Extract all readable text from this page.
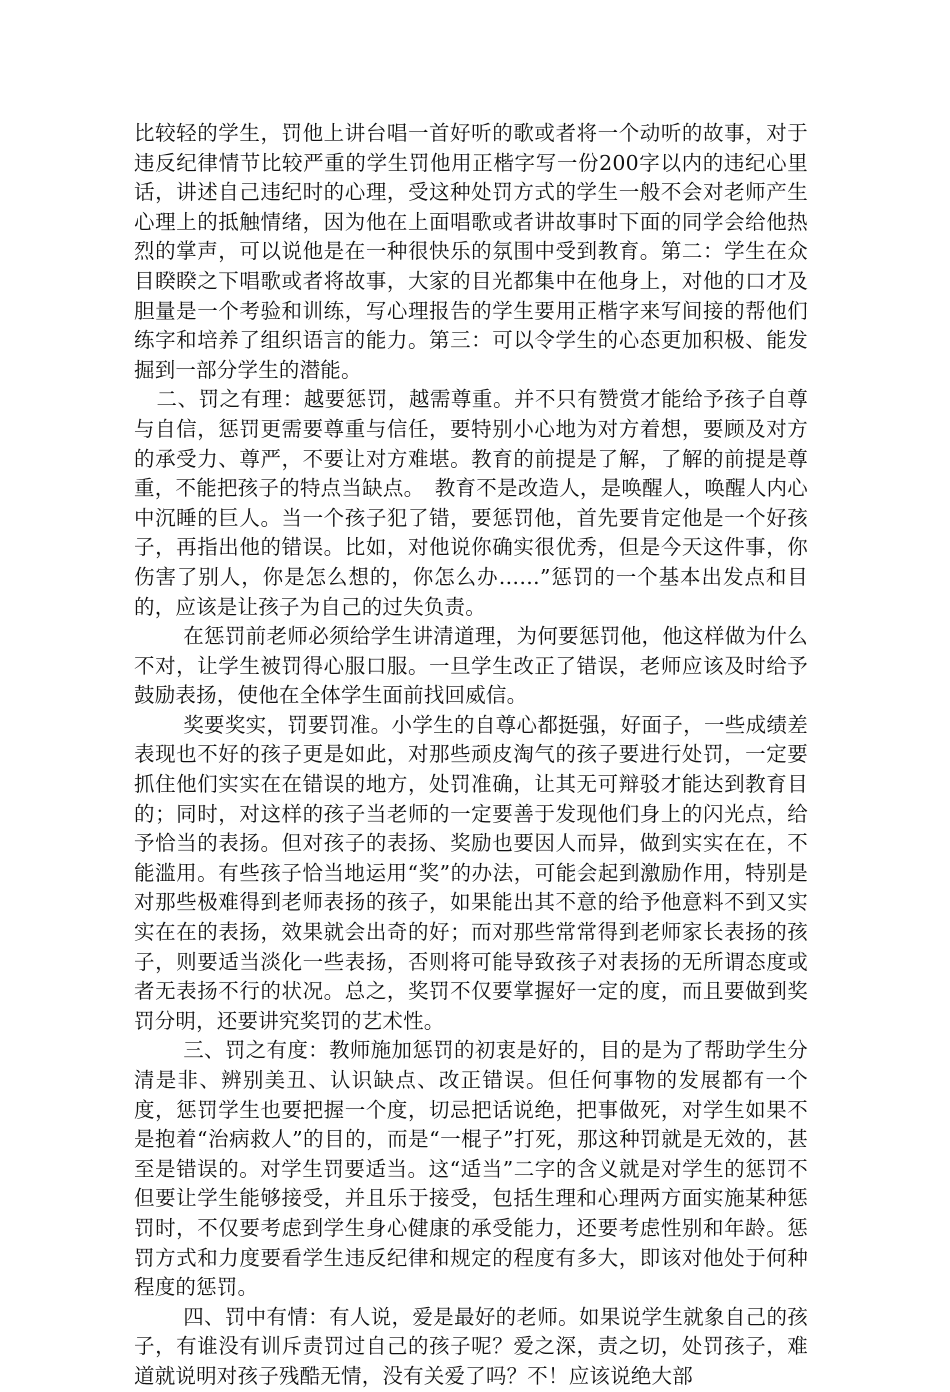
比较轻的学生，罚他上讲台唱一首好听的歌或者将一个动听的故事，对于违反纪律情节比较严重的学生罚他用正楷字写一份200字以内的违纪心里话，讲述自己违纪时的心理，受这种处罚方式的学生一般不会对老师产生心理上的抵触情绪，因为他在上面唱歌或者讲故事时下面的同学会给他热烈的掌声，可以说他是在一种很快乐的氛围中受到教育。第二：学生在众目睽睽之下唱歌或者将故事，大家的目光都集中在他身上，对他的口才及胆量是一个考验和训练，写心理报告的学生要用正楷字来写间接的帮他们练字和培养了组织语言的能力。第三：可以令学生的心态更加积极、能发掘到一部分学生的潜能。

二、罚之有理：越要惩罚，越需尊重。并不只有赞赏才能给予孩子自尊与自信，惩罚更需要尊重与信任，要特别小心地为对方着想，要顾及对方的承受力、尊严，不要让对方难堪。教育的前提是了解，了解的前提是尊重，不能把孩子的特点当缺点。　教育不是改造人，是唤醒人，唤醒人内心中沉睡的巨人。当一个孩子犯了错，要惩罚他，首先要肯定他是一个好孩子，再指出他的错误。比如，对他说你确实很优秀，但是今天这件事，你伤害了别人，你是怎么想的，你怎么办……”惩罚的一个基本出发点和目的，应该是让孩子为自己的过失负责。

在惩罚前老师必须给学生讲清道理，为何要惩罚他，他这样做为什么不对，让学生被罚得心服口服。一旦学生改正了错误，老师应该及时给予鼓励表扬，使他在全体学生面前找回威信。

奖要奖实，罚要罚准。小学生的自尊心都挺强，好面子，一些成绩差表现也不好的孩子更是如此，对那些顽皮淘气的孩子要进行处罚，一定要抓住他们实实在在错误的地方，处罚准确，让其无可辩驳才能达到教育目的；同时，对这样的孩子当老师的一定要善于发现他们身上的闪光点，给予恰当的表扬。但对孩子的表扬、奖励也要因人而异，做到实实在在，不能滥用。有些孩子恰当地运用“奖”的办法，可能会起到激励作用，特别是对那些极难得到老师表扬的孩子，如果能出其不意的给予他意料不到又实实在在的表扬，效果就会出奇的好；而对那些常常得到老师家长表扬的孩子，则要适当淡化一些表扬，否则将可能导致孩子对表扬的无所谓态度或者无表扬不行的状况。总之，奖罚不仅要掌握好一定的度，而且要做到奖罚分明，还要讲究奖罚的艺术性。

三、罚之有度：教师施加惩罚的初衷是好的，目的是为了帮助学生分清是非、辨别美丑、认识缺点、改正错误。但任何事物的发展都有一个度，惩罚学生也要把握一个度，切忌把话说绝，把事做死，对学生如果不是抱着“治病救人”的目的，而是“一棍子”打死，那这种罚就是无效的，甚至是错误的。对学生罚要适当。这“适当”二字的含义就是对学生的惩罚不但要让学生能够接受，并且乐于接受，包括生理和心理两方面实施某种惩罚时，不仅要考虑到学生身心健康的承受能力，还要考虑性别和年龄。惩罚方式和力度要看学生违反纪律和规定的程度有多大，即该对他处于何种程度的惩罚。

四、罚中有情：有人说，爱是最好的老师。如果说学生就象自己的孩子，有谁没有训斥责罚过自己的孩子呢？爱之深，责之切，处罚孩子，难道就说明对孩子残酷无情，没有关爱了吗？不！应该说绝大部
